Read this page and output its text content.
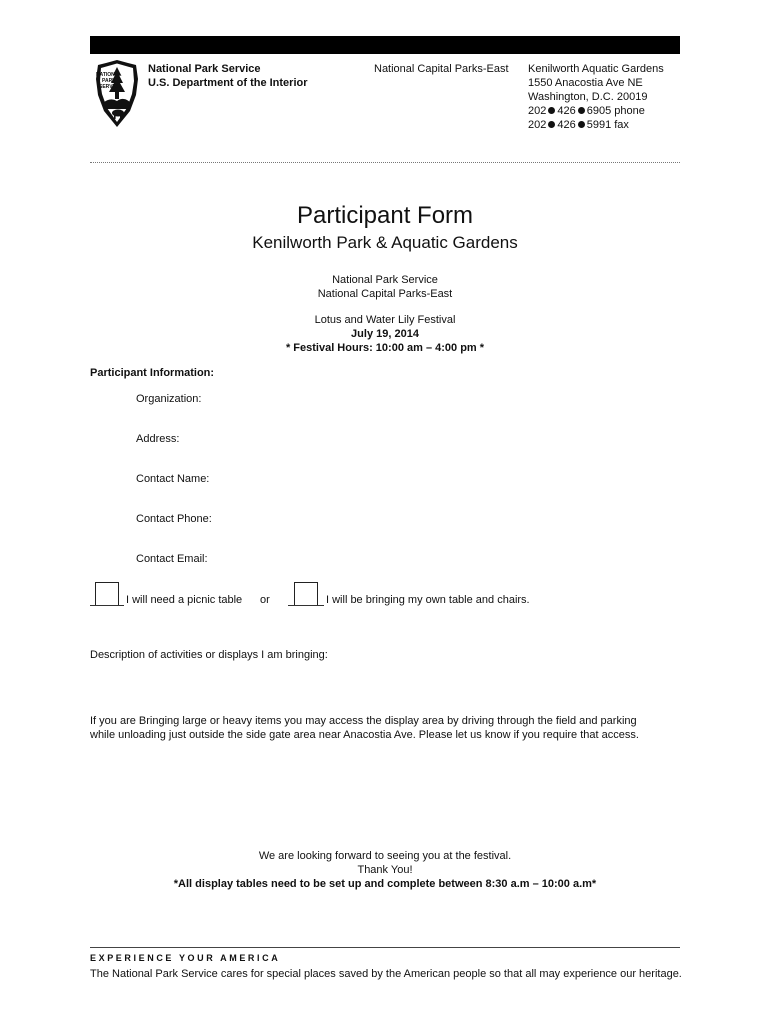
NATIONAL
PARK
SERVICE
National Park Service
U.S. Department of the Interior
National Capital Parks-East Kenilworth Aquatic Gardens
1550 Anacostia Ave NE
Washington, D.C. 20019
202 426 6905 phone
202 426 5991 fax
Participant Form
Kenilworth Park & Aquatic Gardens
National Park Service
National Capital Parks-East
Lotus and Water Lily Festival
July 19, 2014
* Festival Hours: 10:00 am – 4:00 pm *
Participant Information:
Organization:
Address:
Contact Name:
Contact Phone:
Contact Email:
I will need a picnic table or	I will be bringing my own table and chairs.
Description of activities or displays I am bringing:
If you are Bringing large or heavy items you may access the display area by driving through the field and parking
while unloading just outside the side gate area near Anacostia Ave. Please let us know if you require that access.
We are looking forward to seeing you at the festival.
Thank You!
*All display tables need to be set up and complete between 8:30 a.m – 10:00 a.m*
EXPERIENCE YOUR AMERICA
The National Park Service cares for special places saved by the American people so that all may experience our heritage.
